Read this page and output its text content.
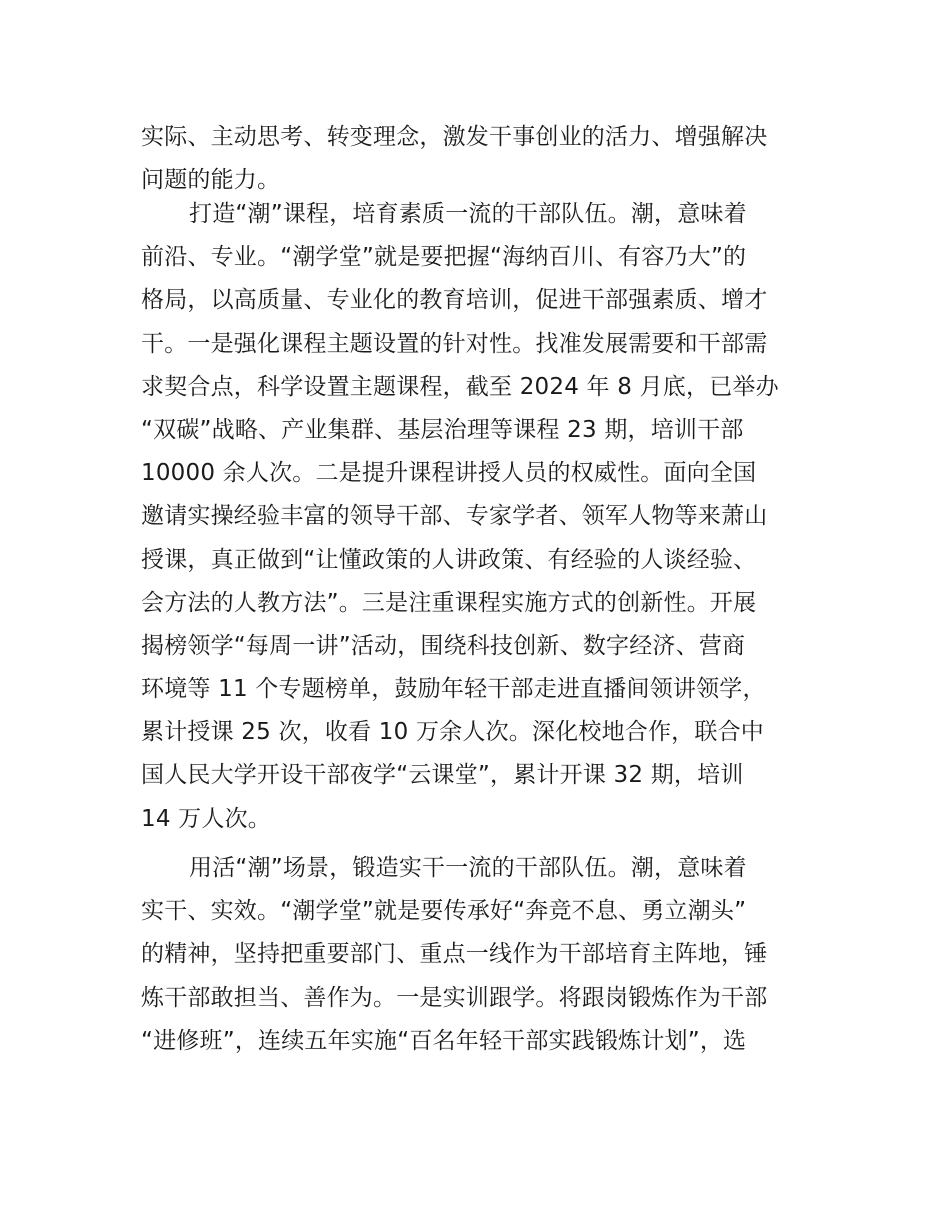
实际、主动思考、转变理念，激发干事创业的活力、增强解决
问题的能力。
打造“潮”课程，培育素质一流的干部队伍。潮，意味着
前沿、专业。“潮学堂”就是要把握“海纳百川、有容乃大”的
格局，以高质量、专业化的教育培训，促进干部强素质、增才
干。一是强化课程主题设置的针对性。找准发展需要和干部需
求契合点，科学设置主题课程，截至 2024 年 8 月底，已举办
“双碳”战略、产业集群、基层治理等课程 23 期，培训干部
10000 余人次。二是提升课程讲授人员的权威性。面向全国
邀请实操经验丰富的领导干部、专家学者、领军人物等来萧山
授课，真正做到“让懂政策的人讲政策、有经验的人谈经验、
会方法的人教方法”。三是注重课程实施方式的创新性。开展
揭榜领学“每周一讲”活动，围绕科技创新、数字经济、营商
环境等 11 个专题榜单，鼓励年轻干部走进直播间领讲领学，
累计授课 25 次，收看 10 万余人次。深化校地合作，联合中
国人民大学开设干部夜学“云课堂”，累计开课 32 期，培训
14 万人次。
用活“潮”场景，锻造实干一流的干部队伍。潮，意味着
实干、实效。“潮学堂”就是要传承好“奔竞不息、勇立潮头”
的精神，坚持把重要部门、重点一线作为干部培育主阵地，锤
炼干部敢担当、善作为。一是实训跟学。将跟岗锻炼作为干部
“进修班”，连续五年实施“百名年轻干部实践锻炼计划”，选
